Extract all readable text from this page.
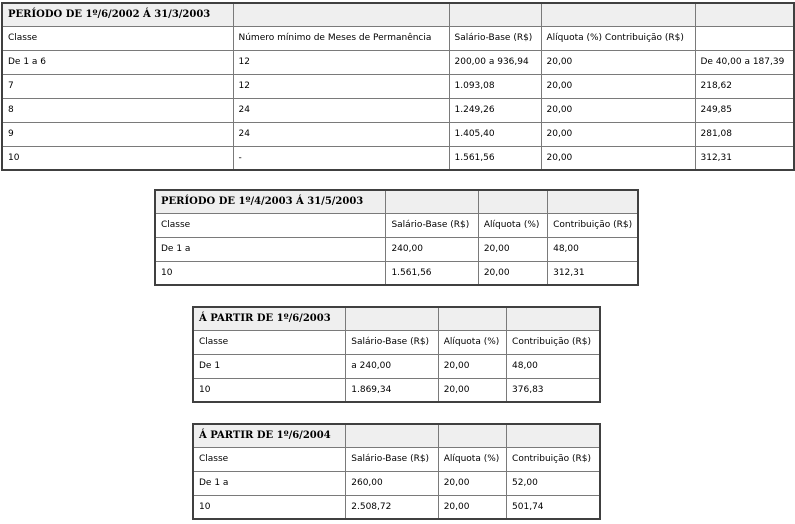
PERÍODO DE 1º/6/2002 Á 31/3/2003				
Classe	Número mínimo de Meses de Permanência	Salário-Base (R$)	Alíquota (%) Contribuição (R$)	
De 1 a 6	12	200,00 a 936,94	20,00	De 40,00 a 187,39
7	12	1.093,08	20,00	218,62
8	24	1.249,26	20,00	249,85
9	24	1.405,40	20,00	281,08
10	-	1.561,56	20,00	312,31
PERÍODO DE 1º/4/2003 Á 31/5/2003			
Classe	Salário-Base (R$)	Alíquota (%)	Contribuição (R$)
De 1 a	240,00	20,00	48,00
10	1.561,56	20,00	312,31
Á PARTIR DE 1º/6/2003			
Classe	Salário-Base (R$)	Alíquota (%)	Contribuição (R$)
De 1	a 240,00	20,00	48,00
10	1.869,34	20,00	376,83
Á PARTIR DE 1º/6/2004			
Classe	Salário-Base (R$)	Alíquota (%)	Contribuição (R$)
De 1 a	260,00	20,00	52,00
10	2.508,72	20,00	501,74
